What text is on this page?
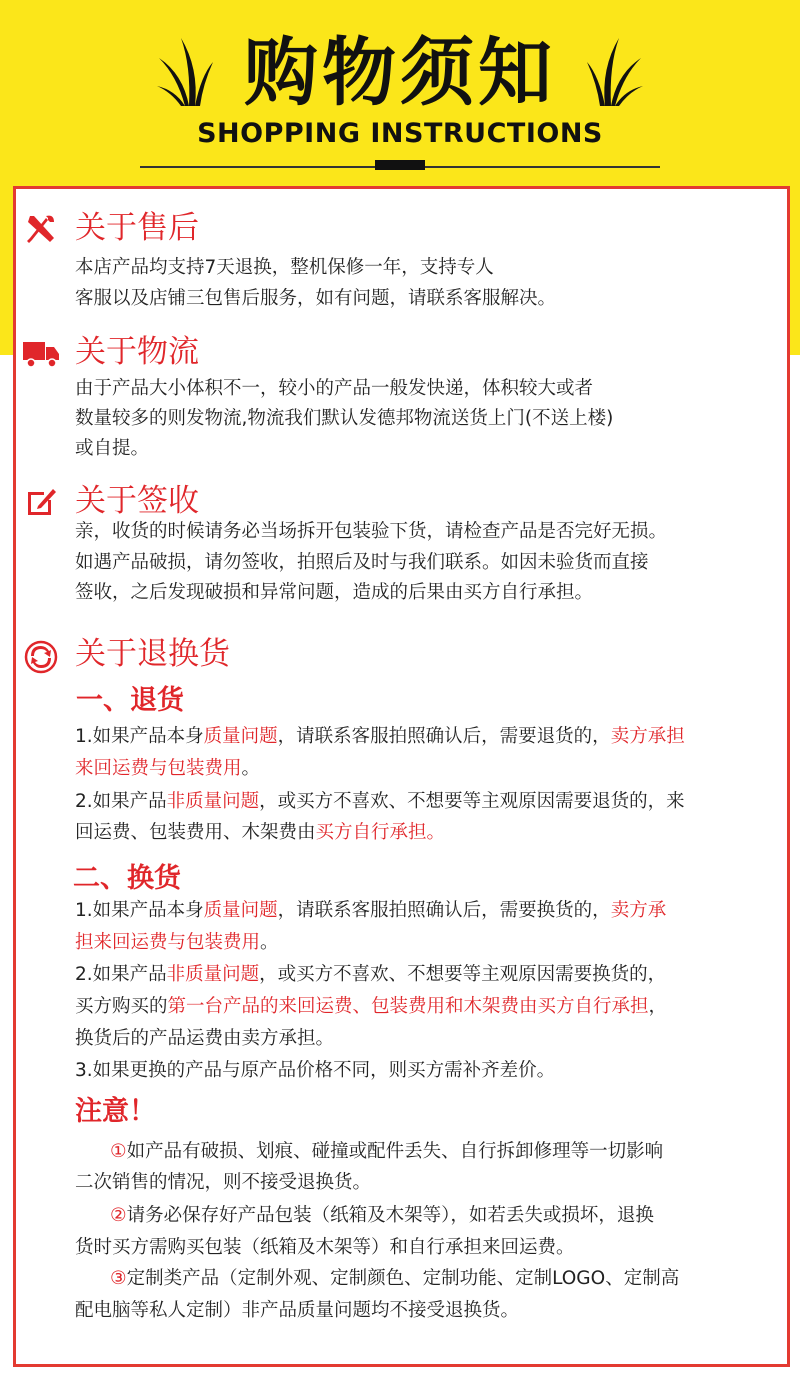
购物须知
SHOPPING INSTRUCTIONS
关于售后
本店产品均支持7天退换，整机保修一年，支持专人
客服以及店铺三包售后服务，如有问题，请联系客服解决。
关于物流
由于产品大小体积不一，较小的产品一般发快递，体积较大或者
数量较多的则发物流,物流我们默认发德邦物流送货上门(不送上楼)
或自提。
关于签收
亲，收货的时候请务必当场拆开包装验下货，请检查产品是否完好无损。
如遇产品破损，请勿签收，拍照后及时与我们联系。如因未验货而直接
签收，之后发现破损和异常问题，造成的后果由买方自行承担。
关于退换货
一、退货
1.如果产品本身质量问题，请联系客服拍照确认后，需要退货的，卖方承担
来回运费与包装费用。
2.如果产品非质量问题，或买方不喜欢、不想要等主观原因需要退货的，来
回运费、包装费用、木架费由买方自行承担。
二、换货
1.如果产品本身质量问题，请联系客服拍照确认后，需要换货的，卖方承
担来回运费与包装费用。
2.如果产品非质量问题，或买方不喜欢、不想要等主观原因需要换货的，
买方购买的第一台产品的来回运费、包装费用和木架费由买方自行承担，
换货后的产品运费由卖方承担。
3.如果更换的产品与原产品价格不同，则买方需补齐差价。
注意！
①如产品有破损、划痕、碰撞或配件丢失、自行拆卸修理等一切影响
二次销售的情况，则不接受退换货。
②请务必保存好产品包装（纸箱及木架等），如若丢失或损坏，退换
货时买方需购买包装（纸箱及木架等）和自行承担来回运费。
③定制类产品（定制外观、定制颜色、定制功能、定制LOGO、定制高
配电脑等私人定制）非产品质量问题均不接受退换货。
